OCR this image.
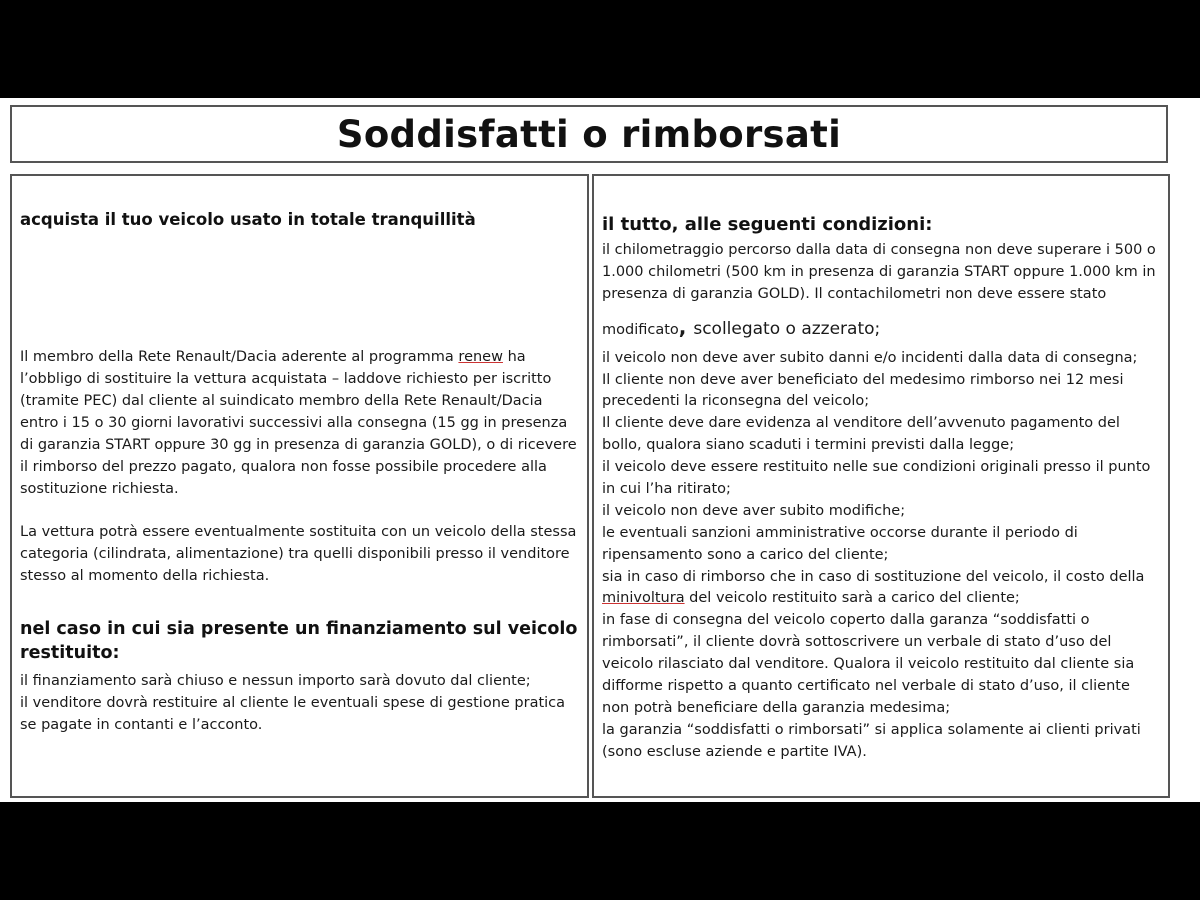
Soddisfatti o rimborsati
acquista il tuo veicolo usato in totale tranquillità
Il membro della Rete Renault/Dacia aderente al programma renew ha
l’obbligo di sostituire la vettura acquistata – laddove richiesto per iscritto
(tramite PEC) dal cliente al suindicato membro della Rete Renault/Dacia
entro i 15 o 30 giorni lavorativi successivi alla consegna (15 gg in presenza
di garanzia START oppure 30 gg in presenza di garanzia GOLD), o di ricevere
il rimborso del prezzo pagato, qualora non fosse possibile procedere alla
sostituzione richiesta.
La vettura potrà essere eventualmente sostituita con un veicolo della stessa
categoria (cilindrata, alimentazione) tra quelli disponibili presso il venditore
stesso al momento della richiesta.
nel caso in cui sia presente un finanziamento sul veicolo
restituito:
il finanziamento sarà chiuso e nessun importo sarà dovuto dal cliente;
il venditore dovrà restituire al cliente le eventuali spese di gestione pratica
se pagate in contanti e l’acconto.
il tutto, alle seguenti condizioni:
il chilometraggio percorso dalla data di consegna non deve superare i 500 o
1.000 chilometri (500 km in presenza di garanzia START oppure 1.000 km in
presenza di garanzia GOLD). Il contachilometri non deve essere stato
modificato, scollegato o azzerato;
il veicolo non deve aver subito danni e/o incidenti dalla data di consegna;
Il cliente non deve aver beneficiato del medesimo rimborso nei 12 mesi
precedenti la riconsegna del veicolo;
Il cliente deve dare evidenza al venditore dell’avvenuto pagamento del
bollo, qualora siano scaduti i termini previsti dalla legge;
il veicolo deve essere restituito nelle sue condizioni originali presso il punto
in cui l’ha ritirato;
il veicolo non deve aver subito modifiche;
le eventuali sanzioni amministrative occorse durante il periodo di
ripensamento sono a carico del cliente;
sia in caso di rimborso che in caso di sostituzione del veicolo, il costo della
minivoltura del veicolo restituito sarà a carico del cliente;
in fase di consegna del veicolo coperto dalla garanza “soddisfatti o
rimborsati”, il cliente dovrà sottoscrivere un verbale di stato d’uso del
veicolo rilasciato dal venditore. Qualora il veicolo restituito dal cliente sia
difforme rispetto a quanto certificato nel verbale di stato d’uso, il cliente
non potrà beneficiare della garanzia medesima;
la garanzia “soddisfatti o rimborsati” si applica solamente ai clienti privati
(sono escluse aziende e partite IVA).
